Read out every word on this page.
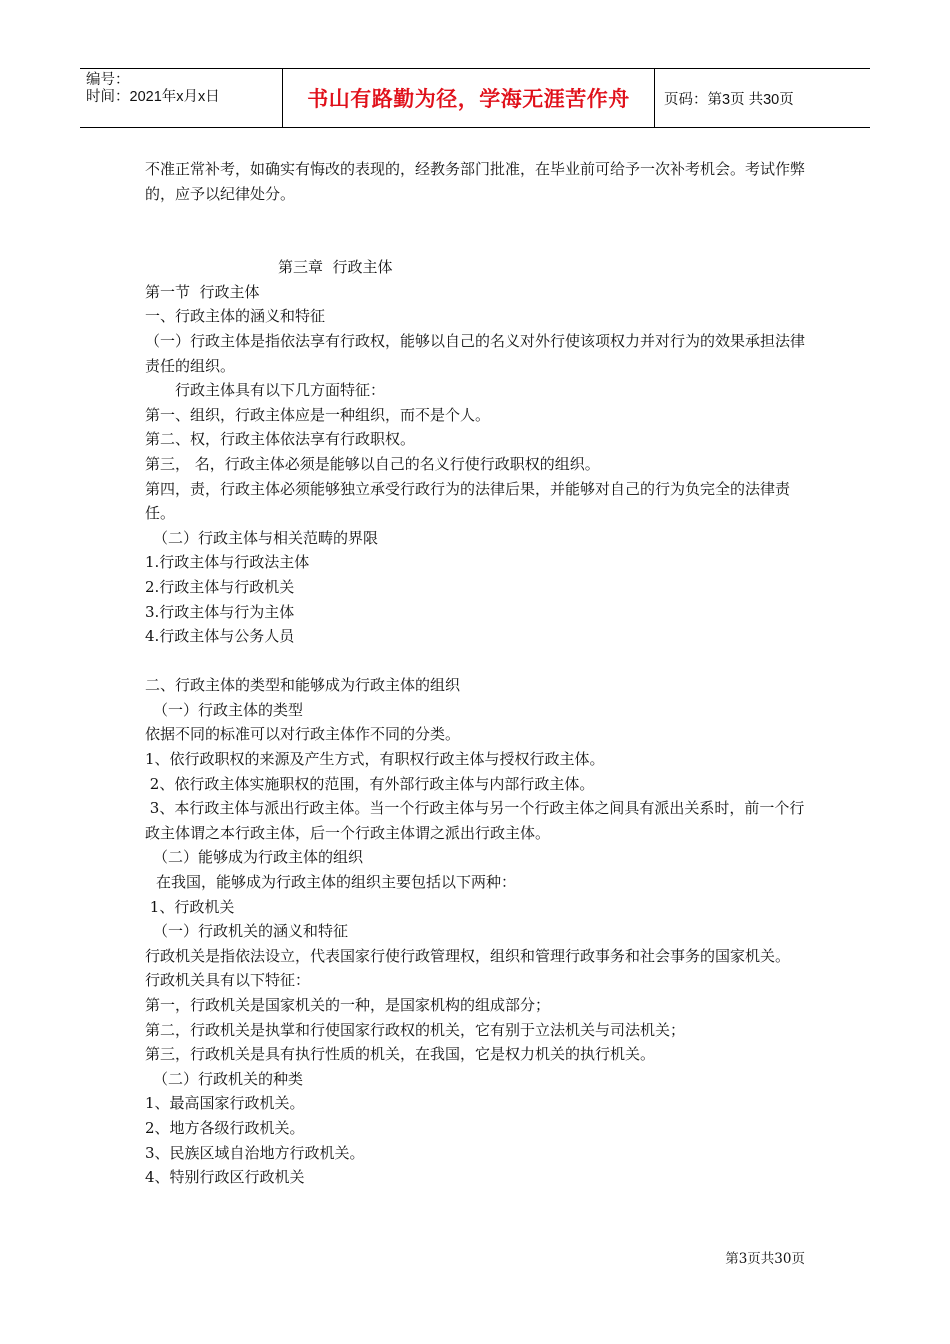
编号：
时间：2021年x月x日	书山有路勤为径，学海无涯苦作舟 页码：第3页 共30页

不准正常补考，如确实有悔改的表现的，经教务部门批准，在毕业前可给予一次补考机会。考试作弊的，应予以纪律处分。

第三章  行政主体

第一节  行政主体

一、行政主体的涵义和特征

（一）行政主体是指依法享有行政权，能够以自己的名义对外行使该项权力并对行为的效果承担法律责任的组织。

行政主体具有以下几方面特征：

第一、组织，行政主体应是一种组织，而不是个人。

第二、权，行政主体依法享有行政职权。

第三， 名，行政主体必须是能够以自己的名义行使行政职权的组织。

第四，责，行政主体必须能够独立承受行政行为的法律后果，并能够对自己的行为负完全的法律责任。

（二）行政主体与相关范畴的界限

1.行政主体与行政法主体

2.行政主体与行政机关

3.行政主体与行为主体

4.行政主体与公务人员

二、行政主体的类型和能够成为行政主体的组织

（一）行政主体的类型

依据不同的标准可以对行政主体作不同的分类。

1、依行政职权的来源及产生方式，有职权行政主体与授权行政主体。

2、依行政主体实施职权的范围，有外部行政主体与内部行政主体。

3、本行政主体与派出行政主体。当一个行政主体与另一个行政主体之间具有派出关系时，前一个行政主体谓之本行政主体，后一个行政主体谓之派出行政主体。

（二）能够成为行政主体的组织

在我国，能够成为行政主体的组织主要包括以下两种：

1、行政机关

（一）行政机关的涵义和特征

行政机关是指依法设立，代表国家行使行政管理权，组织和管理行政事务和社会事务的国家机关。

行政机关具有以下特征：

第一，行政机关是国家机关的一种，是国家机构的组成部分；

第二，行政机关是执掌和行使国家行政权的机关，它有别于立法机关与司法机关；

第三，行政机关是具有执行性质的机关，在我国，它是权力机关的执行机关。

（二）行政机关的种类

1、最高国家行政机关。

2、地方各级行政机关。

3、民族区域自治地方行政机关。

4、特别行政区行政机关

第3页共30页
